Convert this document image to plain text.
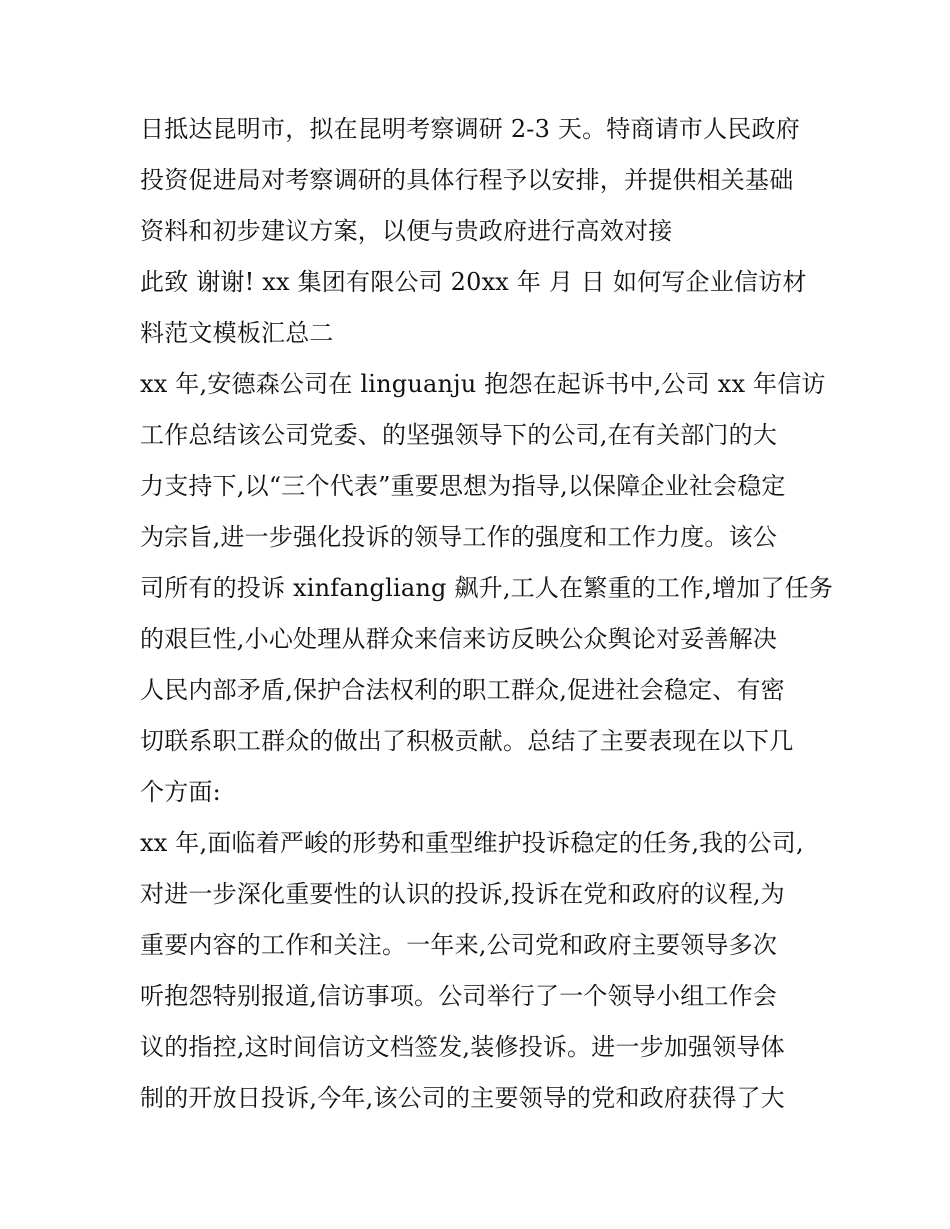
日抵达昆明市，拟在昆明考察调研 2-3 天。特商请市人民政府
投资促进局对考察调研的具体行程予以安排，并提供相关基础
资料和初步建议方案，以便与贵政府进行高效对接
此致 谢谢! xx 集团有限公司 20xx 年 月 日 如何写企业信访材
料范文模板汇总二
xx 年,安德森公司在 linguanju 抱怨在起诉书中,公司 xx 年信访
工作总结该公司党委、的坚强领导下的公司,在有关部门的大
力支持下,以“三个代表”重要思想为指导,以保障企业社会稳定
为宗旨,进一步强化投诉的领导工作的强度和工作力度。该公
司所有的投诉 xinfangliang 飙升,工人在繁重的工作,增加了任务
的艰巨性,小心处理从群众来信来访反映公众舆论对妥善解决
人民内部矛盾,保护合法权利的职工群众,促进社会稳定、有密
切联系职工群众的做出了积极贡献。总结了主要表现在以下几
个方面:
xx 年,面临着严峻的形势和重型维护投诉稳定的任务,我的公司,
对进一步深化重要性的认识的投诉,投诉在党和政府的议程,为
重要内容的工作和关注。一年来,公司党和政府主要领导多次
听抱怨特别报道,信访事项。公司举行了一个领导小组工作会
议的指控,这时间信访文档签发,装修投诉。进一步加强领导体
制的开放日投诉,今年,该公司的主要领导的党和政府获得了大
